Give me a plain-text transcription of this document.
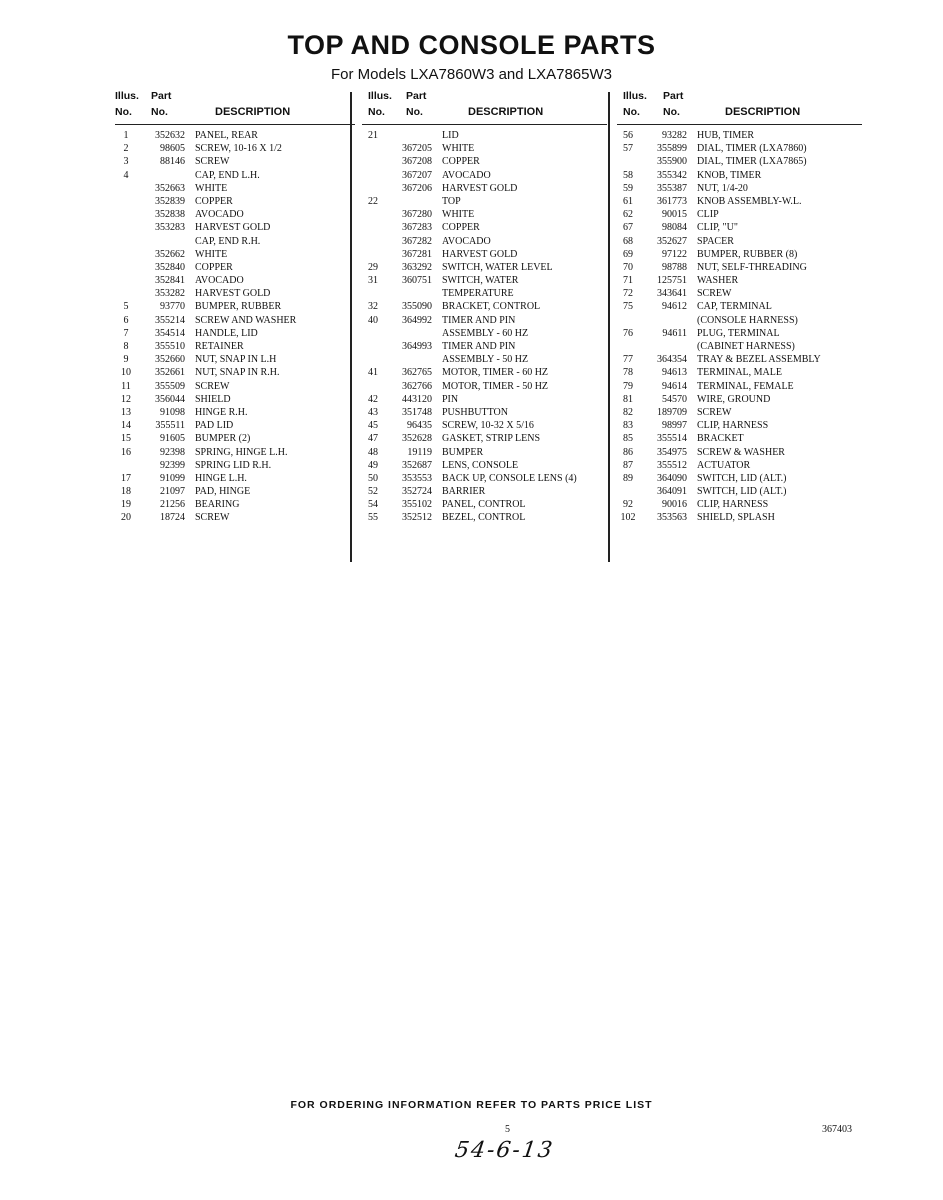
TOP AND CONSOLE PARTS
For Models LXA7860W3 and LXA7865W3
Illus.
No.
Part
No.	DESCRIPTION
1	352632	PANEL, REAR
2	98605	SCREW, 10-16 X 1/2
3	88146	SCREW
4	CAP, END L.H.
352663	WHITE
352839	COPPER
352838	AVOCADO
353283	HARVEST GOLD
CAP, END R.H.
352662	WHITE
352840	COPPER
352841	AVOCADO
353282	HARVEST GOLD
5	93770	BUMPER, RUBBER
6	355214	SCREW AND WASHER
7	354514	HANDLE, LID
8	355510	RETAINER
9	352660	NUT, SNAP IN L.H
10	352661	NUT, SNAP IN R.H.
11	355509	SCREW
12	356044	SHIELD
13	91098	HINGE R.H.
14	355511	PAD LID
15	91605	BUMPER (2)
16	92398	SPRING, HINGE L.H.
92399	SPRING LID R.H.
17	91099	HINGE L.H.
18	21097	PAD, HINGE
19	21256	BEARING
20	18724	SCREW
Illus.
No.
Part
No.	DESCRIPTION
21	LID
367205	WHITE
367208	COPPER
367207	AVOCADO
367206	HARVEST GOLD
22	TOP
367280	WHITE
367283	COPPER
367282	AVOCADO
367281	HARVEST GOLD
29	363292	SWITCH, WATER LEVEL
31	360751	SWITCH, WATER
TEMPERATURE
32	355090	BRACKET, CONTROL
40	364992	TIMER AND PIN
ASSEMBLY - 60 HZ
364993	TIMER AND PIN
ASSEMBLY - 50 HZ
41	362765	MOTOR, TIMER - 60 HZ
362766	MOTOR, TIMER - 50 HZ
42	443120	PIN
43	351748	PUSHBUTTON
45	96435	SCREW, 10-32 X 5/16
47	352628	GASKET, STRIP LENS
48	19119	BUMPER
49	352687	LENS, CONSOLE
50	353553	BACK UP, CONSOLE LENS (4)
52	352724	BARRIER
54	355102	PANEL, CONTROL
55	352512	BEZEL, CONTROL
Illus.
No.
Part
No.	DESCRIPTION
56	93282	HUB, TIMER
57	355899	DIAL, TIMER (LXA7860)
355900	DIAL, TIMER (LXA7865)
58	355342	KNOB, TIMER
59	355387	NUT, 1/4-20
61	361773	KNOB ASSEMBLY-W.L.
62	90015	CLIP
67	98084	CLIP, "U"
68	352627	SPACER
69	97122	BUMPER, RUBBER (8)
70	98788	NUT, SELF-THREADING
71	125751	WASHER
72	343641	SCREW
75	94612	CAP, TERMINAL
(CONSOLE HARNESS)
76	94611	PLUG, TERMINAL
(CABINET HARNESS)
77	364354	TRAY & BEZEL ASSEMBLY
78	94613	TERMINAL, MALE
79	94614	TERMINAL, FEMALE
81	54570	WIRE, GROUND
82	189709	SCREW
83	98997	CLIP, HARNESS
85	355514	BRACKET
86	354975	SCREW & WASHER
87	355512	ACTUATOR
89	364090	SWITCH, LID (ALT.)
364091	SWITCH, LID (ALT.)
92	90016	CLIP, HARNESS
102	353563	SHIELD, SPLASH
FOR ORDERING INFORMATION REFER TO PARTS PRICE LIST
5	367403
54-6-13
